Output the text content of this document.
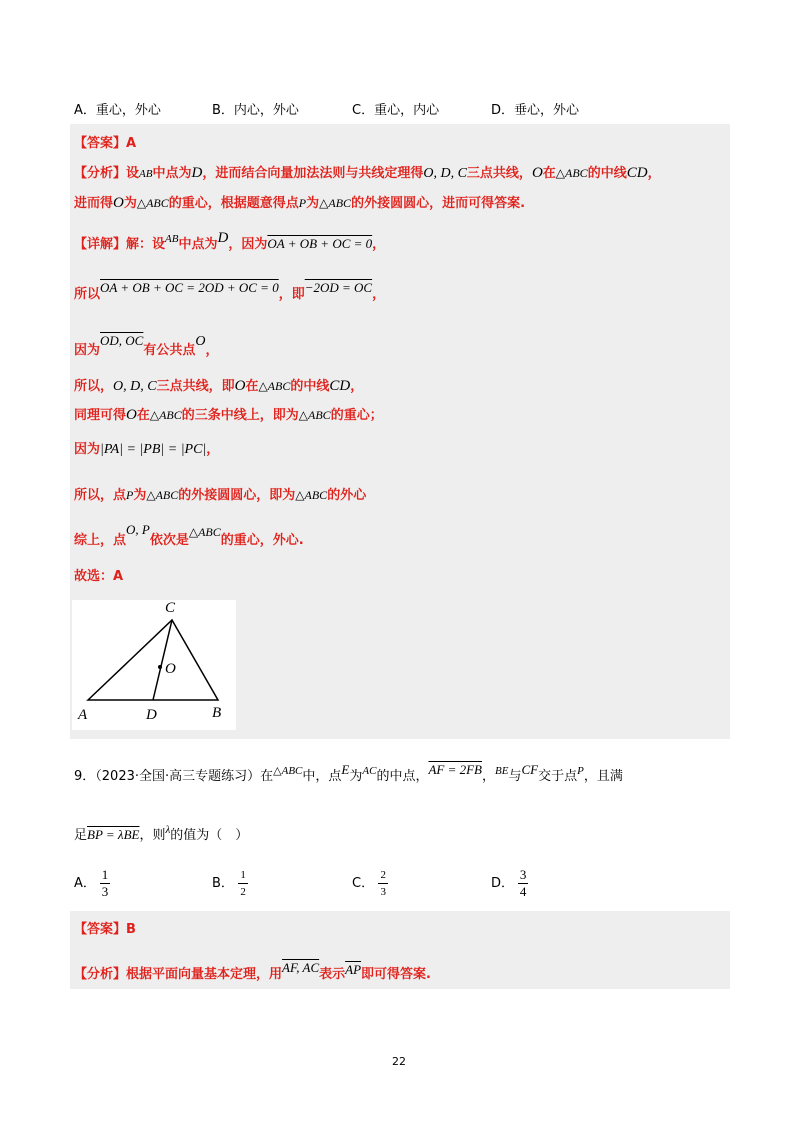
A．重心，外心	B．内心，外心	C．重心，内心	D．垂心，外心
【答案】A
【分析】设AB中点为D，进而结合向量加法法则与共线定理得O, D, C三点共线，O在△ABC的中线CD，
进而得O为△ABC的重心，根据题意得点P为△ABC的外接圆圆心，进而可得答案.
【详解】解：设$^{AB}$中点为D，因为OA + OB + OC = 0，
所以OA + OB + OC = 2OD + OC = 0，即−2OD = OC，
因为OD, OC有公共点O，
所以，O, D, C三点共线，即O在△ABC的中线CD，
同理可得O在△ABC的三条中线上，即为△ABC的重心；
因为|PA| = |PB| = |PC|，
所以，点P为△ABC的外接圆圆心，即为△ABC的外心
综上，点O, P依次是△ABC的重心，外心.
故选：A
C
O
A	D	B
9．（2023·全国·高三专题练习）在$^{\triangle ABC}$中，点E为$^{AC}$的中点，AF = 2FB，$^{BE}$与CF交于点$^P$，且满
足BP = λBE，则$^\lambda$的值为（　）
A． $\frac{1}{3}$	B． $\frac{1}{2}$	C． $\frac{2}{3}$	D． $\frac{3}{4}$
【答案】B
【分析】根据平面向量基本定理，用AF, AC表示$\overline{AP}$即可得答案.
22
